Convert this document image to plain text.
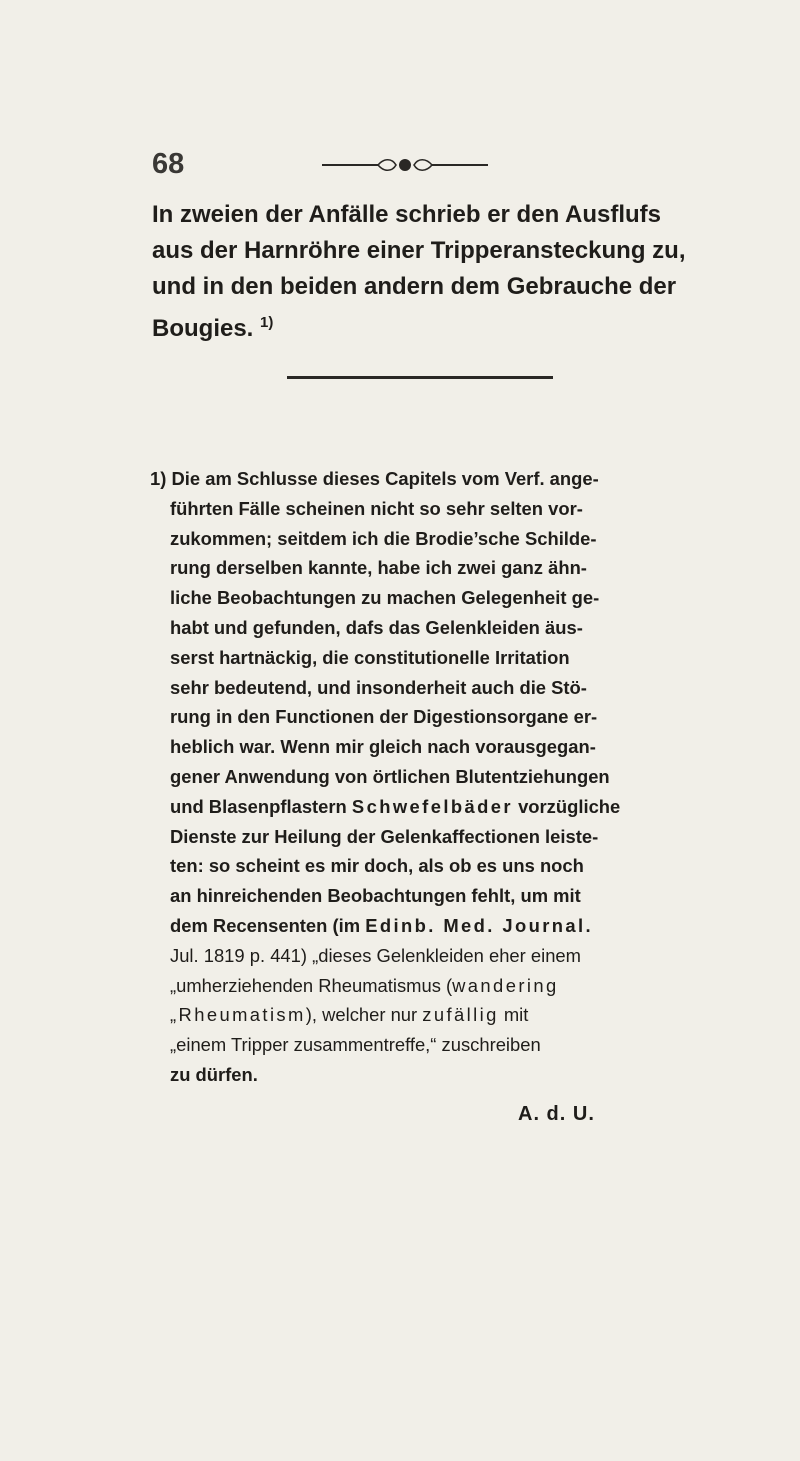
68

In zweien der Anfälle schrieb er den Ausflufs
aus der Harnröhre einer Tripperansteckung zu,
und in den beiden andern dem Gebrauche der
Bougies. $^{1)}$

1) Die am Schlusse dieses Capitels vom Verf. ange-
führten Fälle scheinen nicht so sehr selten vor-
zukommen; seitdem ich die Brodie’sche Schilde-
rung derselben kannte, habe ich zwei ganz ähn-
liche Beobachtungen zu machen Gelegenheit ge-
habt und gefunden, dafs das Gelenkleiden äus-
serst hartnäckig, die constitutionelle Irritation
sehr bedeutend, und insonderheit auch die Stö-
rung in den Functionen der Digestionsorgane er-
heblich war. Wenn mir gleich nach vorausgegan-
gener Anwendung von örtlichen Blutentziehungen
und Blasenpflastern Schwefelbäder vorzügliche
Dienste zur Heilung der Gelenkaffectionen leiste-
ten: so scheint es mir doch, als ob es uns noch
an hinreichenden Beobachtungen fehlt, um mit
dem Recensenten (im Edinb. Med. Journal.
Jul. 1819 p. 441) „dieses Gelenkleiden eher einem
„umherziehenden Rheumatismus (wandering
„Rheumatism), welcher nur zufällig mit
„einem Tripper zusammentreffe,“ zuschreiben
zu dürfen.
A. d. U.
